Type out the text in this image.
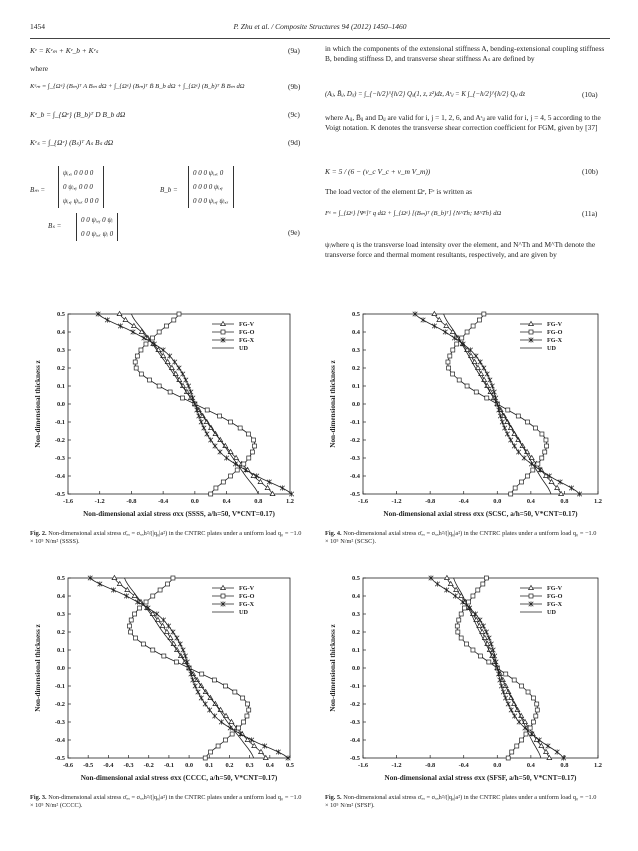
1454	P. Zhu et al. / Composite Structures 94 (2012) 1450–1460
Kᵉ = Kᵉₘ + Kᵉ_b + Kᵉₛ	(9a)
where
Kᵉₘ = ∫_{Ωᵉ} (Bₘ)ᵀ A Bₘ dΩ + ∫_{Ωᵉ} (Bₘ)ᵀ B̄ B_b dΩ + ∫_{Ωᵉ} (B_b)ᵀ B̄ Bₘ dΩ	(9b)
Kᵉ_b = ∫_{Ωᵉ} (B_b)ᵀ D B_b dΩ	(9c)
Kᵉₛ = ∫_{Ωᵉ} (Bₛ)ᵀ Aₛ Bₛ dΩ	(9d)
Bₘ =
ψᵢ,ₓ 0 0 0 0
0 ψᵢ,ᵧ 0 0 0
ψᵢ,ᵧ ψᵢ,ₓ 0 0 0
B_b =
0 0 0 ψᵢ,ₓ 0
0 0 0 0 ψᵢ,ᵧ
0 0 0 ψᵢ,ᵧ ψᵢ,ₓ
Bₛ =
0 0 ψᵢ,ᵧ 0 ψᵢ
0 0 ψᵢ,ₓ ψᵢ 0	(9e)
in which the components of the extensional stiffness A, bending-extensional coupling stiffness B, bending stiffness D, and transverse shear stiffness Aₛ are defined by
(Aᵢⱼ, B̄ᵢⱼ, Dᵢⱼ) = ∫_{−h/2}^{h/2} Qᵢⱼ(1, z, z²)dz, Aˢᵢⱼ = K ∫_{−h/2}^{h/2} Qᵢⱼ dz	(10a)
where Aᵢⱼ, B̄ᵢⱼ and Dᵢⱼ are valid for i, j = 1, 2, 6, and Aˢᵢⱼ are valid for i, j = 4, 5 according to the Voigt notation. K denotes the transverse shear correction coefficient for FGM, given by [37]
K = 5 / (6 − (ν_c V_c + ν_m V_m))	(10b)
The load vector of the element Ωᵉ, Fᵉ is written as
Fᵉ = ∫_{Ωᵉ} [Ψᵉ]ᵀ q dΩ + ∫_{Ωᵉ} [(Bₘ)ᵀ (B_b)ᵀ] {N^Th; M^Th} dΩ	(11a)
ψᵢwhere q is the transverse load intensity over the element, and N^Th and M^Th denote the transverse force and thermal moment resultants, respectively, and are given by
-1.6	-1.2	-0.8	-0.4	0.0	0.4	0.8	1.2
0.5
0.4
0.3
0.2
0.1
0.0
-0.1
-0.2
-0.3
-0.4
-0.5
Non-dimensional axial stress σxx (SSSS, a/h=50, V*CNT=0.17)
Non-dimensional thickness z
FG-V
FG-O
FG-X
UD
-1.6	-1.2	-0.8	-0.4	0.0	0.4	0.8	1.2
0.5
0.4
0.3
0.2
0.1
0.0
-0.1
-0.2
-0.3
-0.4
-0.5
Non-dimensional axial stress σxx (SCSC, a/h=50, V*CNT=0.17)
Non-dimensional thickness z
FG-V
FG-O
FG-X
UD
-0.6 -0.5 -0.4 -0.3 -0.2 -0.1 0.0 0.1 0.2 0.3 0.4 0.5
0.5
0.4
0.3
0.2
0.1
0.0
-0.1
-0.2
-0.3
-0.4
-0.5
Non-dimensional axial stress σxx (CCCC, a/h=50, V*CNT=0.17)
Non-dimensional thickness z
FG-V
FG-O
FG-X
UD
-1.6	-1.2	-0.8	-0.4	0.0	0.4	0.8	1.2
0.5
0.4
0.3
0.2
0.1
0.0
-0.1
-0.2
-0.3
-0.4
-0.5
Non-dimensional axial stress σxx (SFSF, a/h=50, V*CNT=0.17)
Non-dimensional thickness z
FG-V
FG-O
FG-X
UD
Fig. 2. Non-dimensional axial stress σ̄ₓₓ = σₓₓh²/(|q₀|a²) in the CNTRC plates under a uniform load q₀ = −1.0 × 10⁵ N/m² (SSSS).
Fig. 4. Non-dimensional axial stress σ̄ₓₓ = σₓₓh²/(|q₀|a²) in the CNTRC plates under a uniform load q₀ = −1.0 × 10⁵ N/m² (SCSC).
Fig. 3. Non-dimensional axial stress σ̄ₓₓ = σₓₓh²/(|q₀|a²) in the CNTRC plates under a uniform load q₀ = −1.0 × 10⁵ N/m² (CCCC).
Fig. 5. Non-dimensional axial stress σ̄ₓₓ = σₓₓh²/(|q₀|a²) in the CNTRC plates under a uniform load q₀ = −1.0 × 10⁵ N/m² (SFSF).
